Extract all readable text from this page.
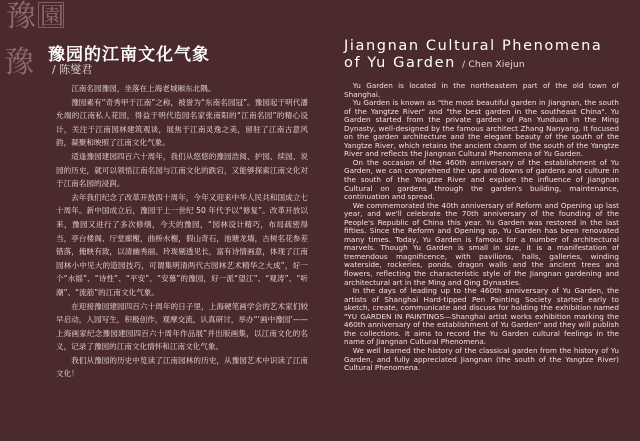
豫 園
豫 豫园的江南文化气象
/ 陈燮君

江南名园豫园，坐落在上海老城厢东北隅。

豫园素有“奇秀甲于江南”之称，被誉为“东南名园冠”。豫园起于明代潘允端的江南私人花园，得益于明代造园名家张南阳的“江南名园”的精心设计，关注于江南园林建筑观谈，展焦于江南灵逸之美，留驻了江南古意风韵，凝聚和映照了江南文化气象。

适逢豫园建园四百六十周年，我们从悠悠的豫园浩阅、护园、续园、说园的历史，就可以领悟江南名园与江南文化的跌宕，又能够探索江南文化对于江南名园的浸润。

去年我们纪念了改革开放四十周年，今年又迎来中华人民共和国成立七十周年。新中国成立后，豫园于上一世纪 50 年代予以“修复”。改革开放以来，豫园又进行了多次修缮，今天的豫园，“园林设计精巧，布局疏密得当，亭台楼阁、厅堂廊榭，曲桥水榭，假山奇石，池塘龙墙，古树名花参差错落，掩映有致，以清幽秀丽、玲珑剔透见长，富有诗情画意，体现了江南园林小中见大的造园技巧，可谓集明清两代古园林艺术精华之大成”，好一个“水摇”、“诗性”、“平安”、“安慕”的豫园，好一派“望江”、“观涛”、“听潮”、“流筋”的江南文化气象。

在迎接豫园建园四百六十周年的日子里，上海硬笔画学会的艺术家们较早启动，入园写生，积极创作，观摩交流，认真研讨，举办“‘画中豫园’——上海画家纪念豫园建园四百六十周年作品展”并出版画集，以江南文化的名义，记录了豫园的江南文化情怀和江南文化气象。

我们从豫园的历史中览读了江南园林的历史，从豫园艺术中识读了江南文化！

Jiangnan Cultural Phenomena
of Yu Garden / Chen Xiejun

Yu Garden is located in the northeastern part of the old town of Shanghai.

Yu Garden is known as "the most beautiful garden in Jiangnan, the south of the Yangtze River" and "the best garden in the southeast China". Yu Garden started from the private garden of Pan Yunduan in the Ming Dynasty, well-designed by the famous architect Zhang Nanyang. It focused on the garden architecture and the elegant beauty of the south of the Yangtze River, which retains the ancient charm of the south of the Yangtze River and reflects the Jiangnan Cultural Phenomena of Yu Garden.

On the occasion of the 460th anniversary of the establishment of Yu Garden, we can comprehend the ups and downs of gardens and culture in the south of the Yangtze River and explore the influence of Jiangnan Cultural on gardens through the garden's building, maintenance, continuation and spread.

We commemorated the 40th anniversary of Reform and Opening up last year, and we'll celebrate the 70th anniversary of the founding of the People's Republic of China this year. Yu Garden was restored in the last fifties. Since the Reform and Opening up, Yu Garden has been renovated many times. Today, Yu Garden is famous for a number of architectural marvels. Though Yu Garden is small in size, it is a manifestation of tremendous magnificence, with pavilions, halls, galleries, winding waterside, rockeries, ponds, dragon walls and the ancient trees and flowers, reflecting the characteristic style of the Jiangnan gardening and architectural art in the Ming and Qing Dynasties.

In the days of leading up to the 460th anniversary of Yu Garden, the artists of Shanghai Hard-tipped Pen Painting Society started early to sketch, create, communicate and discuss for holding the exhibition named "YU GARDEN IN PAINTINGS—Shanghai artist works exhibition marking the 460th anniversary of the establishment of Yu Garden" and they will publish the collections. It aims to record the Yu Garden cultural feelings in the name of Jiangnan Cultural Phenomena.

We well learned the history of the classical garden from the history of Yu Garden, and fully appreciated Jiangnan (the south of the Yangtze River) Cultural Phenomena.
